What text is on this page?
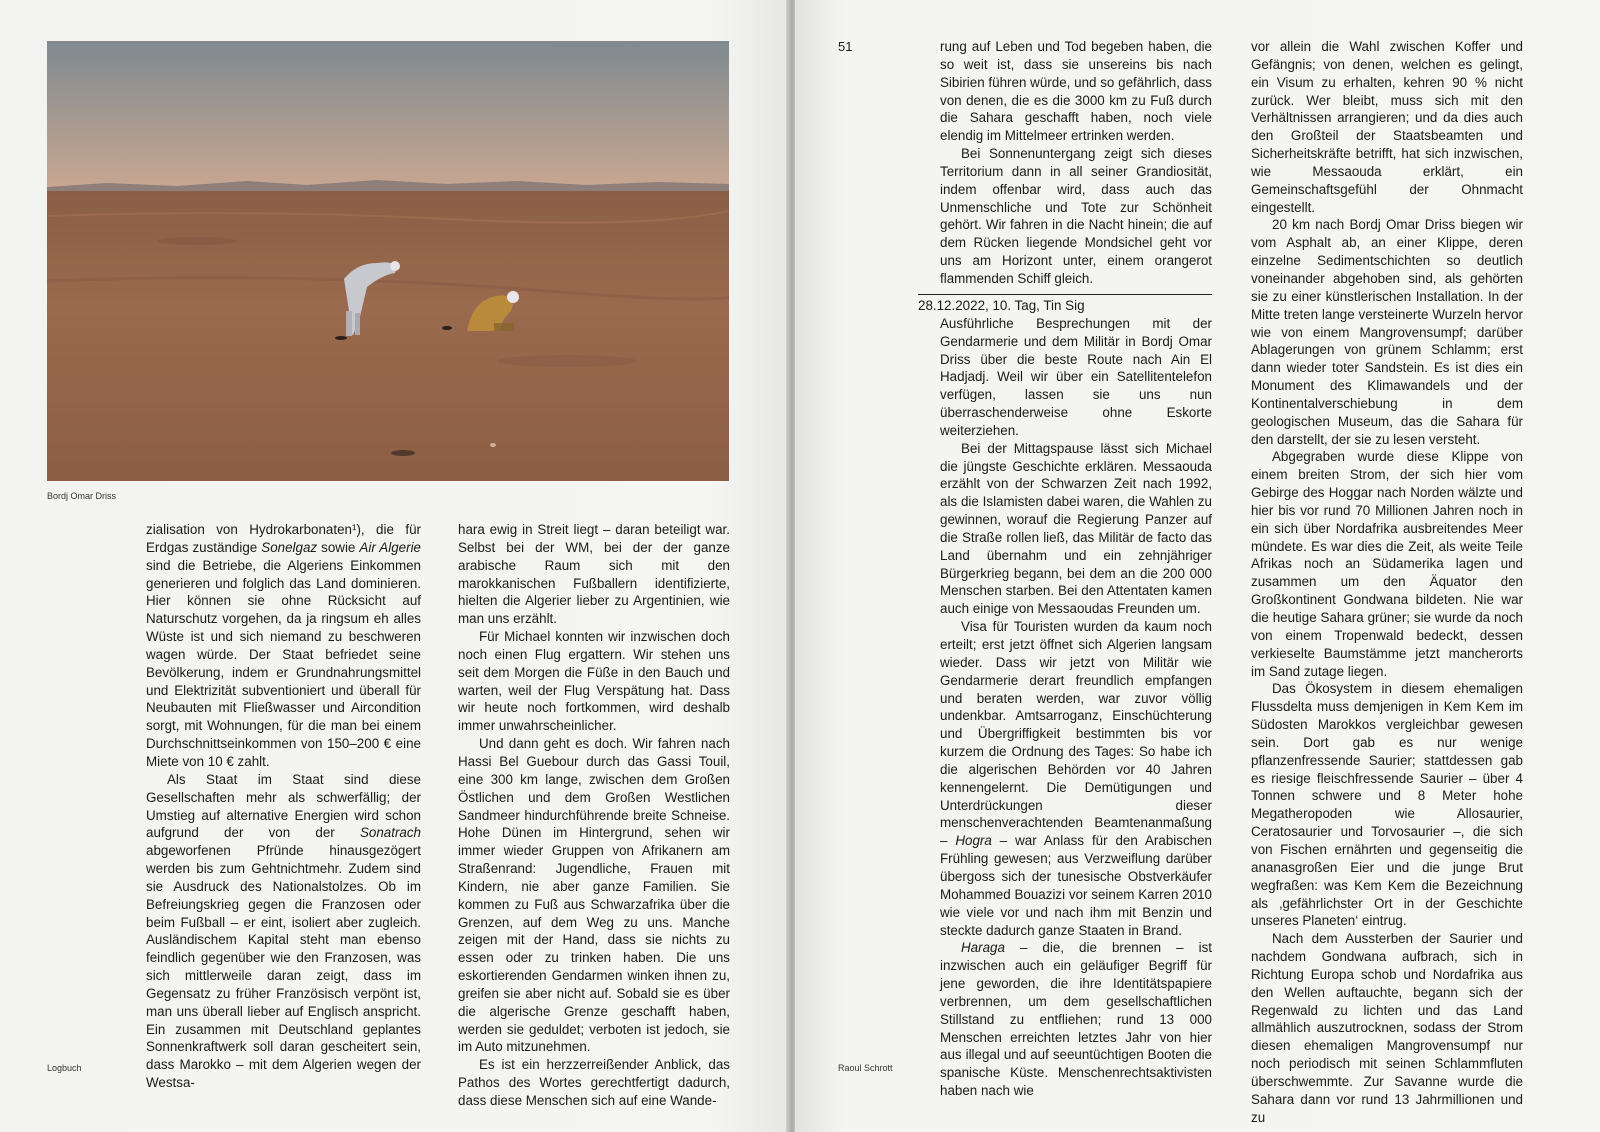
Bordj Omar Driss

zialisation von Hydrokarbonaten¹), die für Erdgas zuständige Sonelgaz sowie Air Algerie sind die Betriebe, die Algeriens Einkommen generieren und folglich das Land dominieren. Hier können sie ohne Rücksicht auf Naturschutz vorgehen, da ja ringsum eh alles Wüste ist und sich niemand zu beschweren wagen würde. Der Staat befriedet seine Bevölkerung, indem er Grundnahrungsmittel und Elektrizität subventioniert und überall für Neubauten mit Fließwasser und Aircondition sorgt, mit Wohnungen, für die man bei einem Durchschnittseinkommen von 150–200 € eine Miete von 10 € zahlt.

Als Staat im Staat sind diese Gesellschaften mehr als schwerfällig; der Umstieg auf alternative Energien wird schon aufgrund der von der Sonatrach abgeworfenen Pfründe hinausgezögert werden bis zum Gehtnichtmehr. Zudem sind sie Ausdruck des Nationalstolzes. Ob im Befreiungskrieg gegen die Franzosen oder beim Fußball – er eint, isoliert aber zugleich. Ausländischem Kapital steht man ebenso feindlich gegenüber wie den Franzosen, was sich mittlerweile daran zeigt, dass im Gegensatz zu früher Französisch verpönt ist, man uns überall lieber auf Englisch anspricht. Ein zusammen mit Deutschland geplantes Sonnenkraftwerk soll daran gescheitert sein, dass Marokko – mit dem Algerien wegen der Westsa-

hara ewig in Streit liegt – daran beteiligt war. Selbst bei der WM, bei der der ganze arabische Raum sich mit den marokkanischen Fußballern identifizierte, hielten die Algerier lieber zu Argentinien, wie man uns erzählt.

Für Michael konnten wir inzwischen doch noch einen Flug ergattern. Wir stehen uns seit dem Morgen die Füße in den Bauch und warten, weil der Flug Verspätung hat. Dass wir heute noch fortkommen, wird deshalb immer unwahrscheinlicher.

Und dann geht es doch. Wir fahren nach Hassi Bel Guebour durch das Gassi Touil, eine 300 km lange, zwischen dem Großen Östlichen und dem Großen Westlichen Sandmeer hindurchführende breite Schneise. Hohe Dünen im Hintergrund, sehen wir immer wieder Gruppen von Afrikanern am Straßenrand: Jugendliche, Frauen mit Kindern, nie aber ganze Familien. Sie kommen zu Fuß aus Schwarzafrika über die Grenzen, auf dem Weg zu uns. Manche zeigen mit der Hand, dass sie nichts zu essen oder zu trinken haben. Die uns eskortierenden Gendarmen winken ihnen zu, greifen sie aber nicht auf. Sobald sie es über die algerische Grenze geschafft haben, werden sie geduldet; verboten ist jedoch, sie im Auto mitzunehmen.

Es ist ein herzzerreißender Anblick, das Pathos des Wortes gerechtfertigt dadurch, dass diese Menschen sich auf eine Wande-

Logbuch
51	rung auf Leben und Tod begeben haben, die so weit ist, dass sie unsereins bis nach Sibirien führen würde, und so gefährlich, dass von denen, die es die 3000 km zu Fuß durch die Sahara geschafft haben, noch viele elendig im Mittelmeer ertrinken werden.

Bei Sonnenuntergang zeigt sich dieses Territorium dann in all seiner Grandiosität, indem offenbar wird, dass auch das Unmenschliche und Tote zur Schönheit gehört. Wir fahren in die Nacht hinein; die auf dem Rücken liegende Mondsichel geht vor uns am Horizont unter, einem orangerot flammenden Schiff gleich.

28.12.2022, 10. Tag, Tin Sig

Ausführliche Besprechungen mit der Gendarmerie und dem Militär in Bordj Omar Driss über die beste Route nach Ain El Hadjadj. Weil wir über ein Satellitentelefon verfügen, lassen sie uns nun überraschenderweise ohne Eskorte weiterziehen.

Bei der Mittagspause lässt sich Michael die jüngste Geschichte erklären. Messaouda erzählt von der Schwarzen Zeit nach 1992, als die Islamisten dabei waren, die Wahlen zu gewinnen, worauf die Regierung Panzer auf die Straße rollen ließ, das Militär de facto das Land übernahm und ein zehnjähriger Bürgerkrieg begann, bei dem an die 200 000 Menschen starben. Bei den Attentaten kamen auch einige von Messaoudas Freunden um.

Visa für Touristen wurden da kaum noch erteilt; erst jetzt öffnet sich Algerien langsam wieder. Dass wir jetzt von Militär wie Gendarmerie derart freundlich empfangen und beraten werden, war zuvor völlig undenkbar. Amtsarroganz, Einschüchterung und Übergriffigkeit bestimmten bis vor kurzem die Ordnung des Tages: So habe ich die algerischen Behörden vor 40 Jahren kennengelernt. Die Demütigungen und Unterdrückungen dieser menschenverachtenden Beamtenanmaßung – Hogra – war Anlass für den Arabischen Frühling gewesen; aus Verzweiflung darüber übergoss sich der tunesische Obstverkäufer Mohammed Bouazizi vor seinem Karren 2010 wie viele vor und nach ihm mit Benzin und steckte dadurch ganze Staaten in Brand.

Haraga – die, die brennen – ist inzwischen auch ein geläufiger Begriff für jene geworden, die ihre Identitätspapiere verbrennen, um dem gesellschaftlichen Stillstand zu entfliehen; rund 13 000 Menschen erreichten letztes Jahr von hier aus illegal und auf seeuntüchtigen Booten die spanische Küste. Menschenrechtsaktivisten haben nach wie

vor allein die Wahl zwischen Koffer und Gefängnis; von denen, welchen es gelingt, ein Visum zu erhalten, kehren 90 % nicht zurück. Wer bleibt, muss sich mit den Verhältnissen arrangieren; und da dies auch den Großteil der Staatsbeamten und Sicherheitskräfte betrifft, hat sich inzwischen, wie Messaouda erklärt, ein Gemeinschaftsgefühl der Ohnmacht eingestellt.

20 km nach Bordj Omar Driss biegen wir vom Asphalt ab, an einer Klippe, deren einzelne Sedimentschichten so deutlich voneinander abgehoben sind, als gehörten sie zu einer künstlerischen Installation. In der Mitte treten lange versteinerte Wurzeln hervor wie von einem Mangrovensumpf; darüber Ablagerungen von grünem Schlamm; erst dann wieder toter Sandstein. Es ist dies ein Monument des Klimawandels und der Kontinentalverschiebung in dem geologischen Museum, das die Sahara für den darstellt, der sie zu lesen versteht.

Abgegraben wurde diese Klippe von einem breiten Strom, der sich hier vom Gebirge des Hoggar nach Norden wälzte und hier bis vor rund 70 Millionen Jahren noch in ein sich über Nordafrika ausbreitendes Meer mündete. Es war dies die Zeit, als weite Teile Afrikas noch an Südamerika lagen und zusammen um den Äquator den Großkontinent Gondwana bildeten. Nie war die heutige Sahara grüner; sie wurde da noch von einem Tropenwald bedeckt, dessen verkieselte Baumstämme jetzt mancherorts im Sand zutage liegen.

Das Ökosystem in diesem ehemaligen Flussdelta muss demjenigen in Kem Kem im Südosten Marokkos vergleichbar gewesen sein. Dort gab es nur wenige pflanzenfressende Saurier; stattdessen gab es riesige fleischfressende Saurier – über 4 Tonnen schwere und 8 Meter hohe Megatheropoden wie Allosaurier, Ceratosaurier und Torvosaurier –, die sich von Fischen ernährten und gegenseitig die ananasgroßen Eier und die junge Brut wegfraßen: was Kem Kem die Bezeichnung als ‚gefährlichster Ort in der Geschichte unseres Planeten‘ eintrug.

Nach dem Aussterben der Saurier und nachdem Gondwana aufbrach, sich in Richtung Europa schob und Nordafrika aus den Wellen auftauchte, begann sich der Regenwald zu lichten und das Land allmählich auszutrocknen, sodass der Strom diesen ehemaligen Mangrovensumpf nur noch periodisch mit seinen Schlammfluten überschwemmte. Zur Savanne wurde die Sahara dann vor rund 13 Jahrmillionen und zu

Raoul Schrott
